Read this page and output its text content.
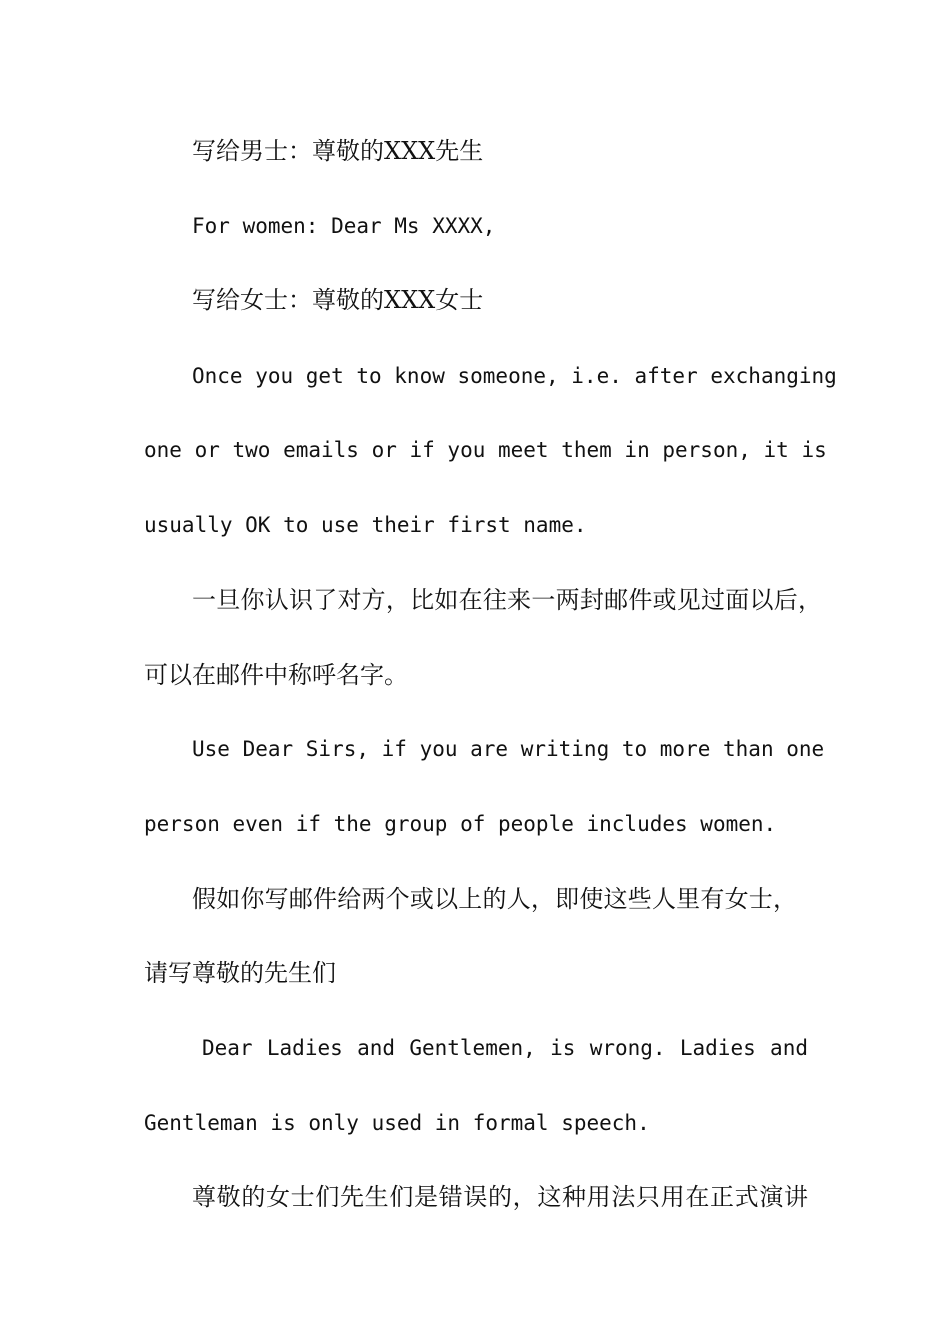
写给男士：尊敬的XXX先生
For women: Dear Ms XXXX,
写给女士：尊敬的XXX女士
Once you get to know someone, i.e. after exchanging
one or two emails or if you meet them in person, it is
usually OK to use their first name.
一旦你认识了对方，比如在往来一两封邮件或见过面以后，
可以在邮件中称呼名字。
Use Dear Sirs, if you are writing to more than one
person even if the group of people includes women.
假如你写邮件给两个或以上的人，即使这些人里有女士，
请写尊敬的先生们
Dear Ladies and Gentlemen, is wrong. Ladies and
Gentleman is only used in formal speech.
尊敬的女士们先生们是错误的，这种用法只用在正式演讲
